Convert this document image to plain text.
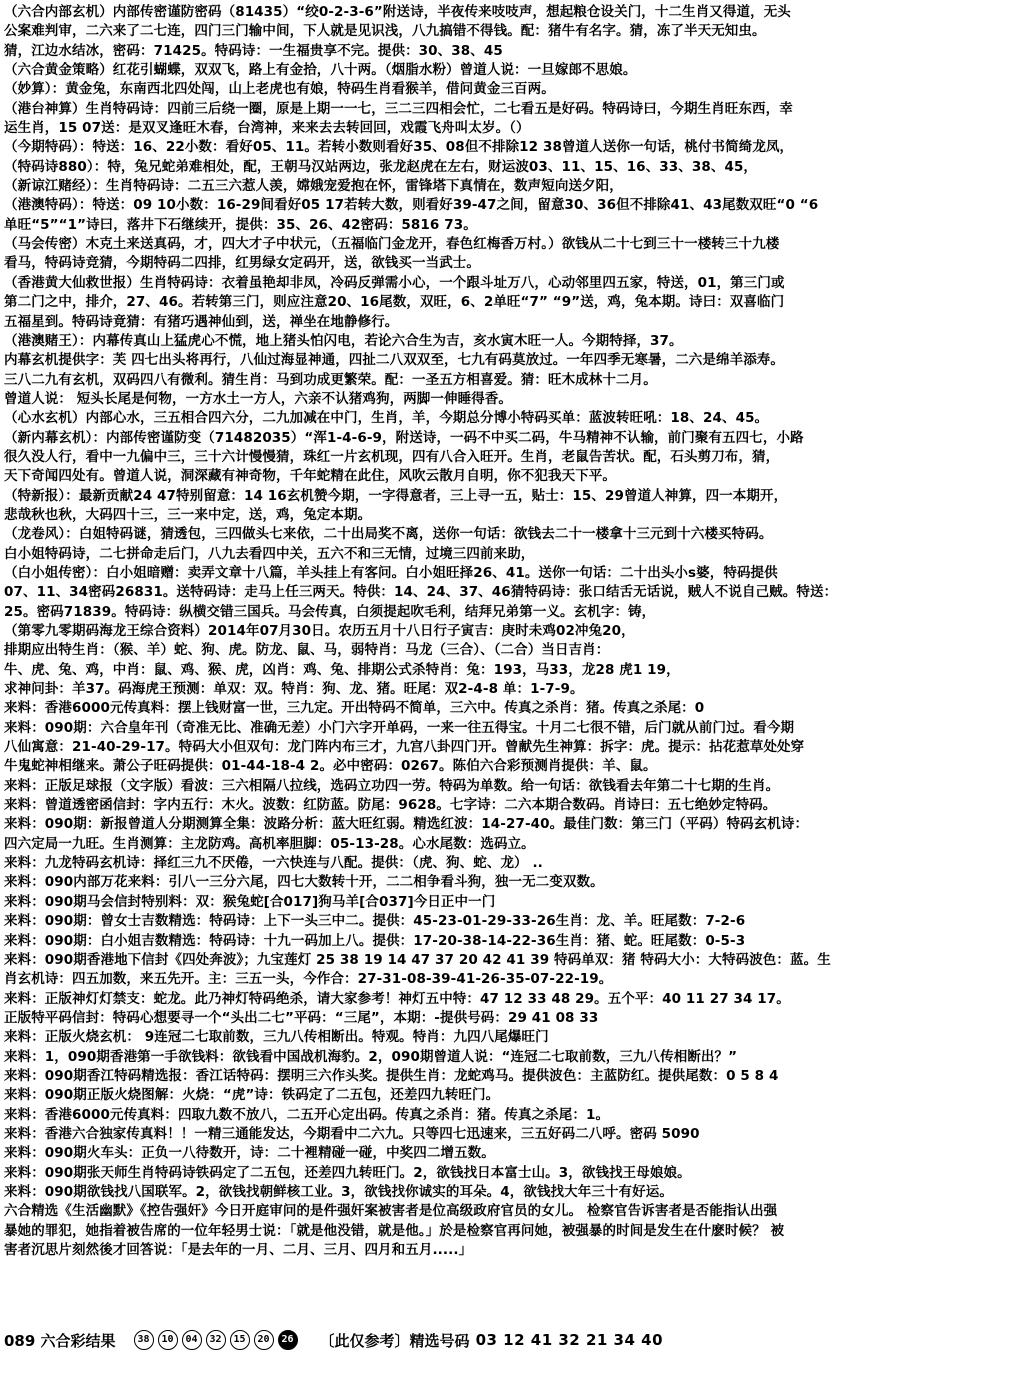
（六合内部玄机）内部传密谨防密码（81435）“绞0-2-3-6”附送诗，半夜传来吱吱声，想起粮仓设关门，十二生肖又得道，无头
公案难判审，二六来了二七连，四门三门输中间，下人就是见识浅，八九搞错不得钱。配：猪牛有名字。猜，冻了半天无知虫。
猜，江边水结冰，密码：71425。特码诗：一生福贵享不完。提供：30、38、45
（六合黄金策略）红花引蝴蝶，双双飞，路上有金拾，八十两。（烟脂水粉）曾道人说：一旦嫁郎不思娘。
（妙算）：黄金兔，东南西北四处闯，山上老虎也有娘，特码生肖看猴羊，借问黄金三百两。
（港台神算）生肖特码诗：四前三后绕一圈，原是上期一一七，三二三四相会忙，二七看五是好码。特码诗曰，今期生肖旺东西，幸
运生肖，15 07送：是双叉逢旺木春，台湾神，来来去去转回回，戏霞飞舟叫太岁。（）
（今期特码）：特送：16、22小数：看好05、11。若转小数则看好35、08但不排除12 38曾道人送你一句话，桃付书简绮龙凤，
（特码诗880）：特，兔兄蛇弟难相处，配，王朝马汉站两边，张龙赵虎在左右，财运波03、11、15、16、33、38、45，
（新谅江赌经）：生肖特码诗：二五三六惹人羡，嫦娥宠爱抱在怀，雷锋塔下真情在，数声短向送夕阳，
（港澳特码）：特送：09 10小数：16-29间看好05 17若转大数，则看好39-47之间，留意30、36但不排除41、43尾数双旺“0 “6
单旺“5”“1”诗曰，落井下石继续开，提供：35、26、42密码：5816 73。
（马会传密）木克土来送真码，才，四大才子中状元，（五福临门金龙开，春色红梅香万村。）欲钱从二十七到三十一楼转三十九楼
看马，特码诗竞猜，今期特码二四排，红男绿女定码开，送，欲钱买一当武士。
（香港黄大仙救世报）生肖特码诗：衣着虽艳却非凤，冷码反弹需小心，一个跟斗址万八，心动邻里四五家，特送，01，第三门或
第二门之中，排介，27、46。若转第三门，则应注意20、16尾数，双旺，6、2单旺“7” “9”送，鸡，兔本期。诗曰：双喜临门
五福星到。特码诗竟猜：有猪巧遇神仙到，送，禅坐在地静修行。
（港澳赌王）：内幕传真山上猛虎心不慌，地上猪头怕闪电，若论六合生为吉，亥水寅木旺一人。今期特择，37。
内幕玄机提供字：芙 四七出头将再行，八仙过海显神通，四扯二八双双至，七九有码莫放过。一年四季无寒暑，二六是绵羊添寿。
三八二九有玄机，双码四八有微利。猜生肖：马到功成更繁荣。配：一圣五方相喜爱。猜：旺木成林十二月。
曾道人说： 短头长尾是何物，一方水土一方人，六亲不认猪鸡狗，两脚一伸睡得香。
（心水玄机）内部心水，三五相合四六分，二九加减在中门，生肖，羊，今期总分博小特码买单：蓝波转旺吼：18、24、45。
（新内幕玄机）：内部传密谨防变（71482035）“浑1-4-6-9，附送诗，一码不中买二码，牛马精神不认输，前门聚有五四七，小路
很久没人行，看中一九偏中三，三十六计慢慢猜，珠红一片玄机现，四有八合入旺开。生肖，老鼠告苦状。配，石头剪刀布，猜，
天下奇闻四处有。曾道人说，洞深藏有神奇物，千年蛇精在此住，风吹云散月自明，你不犯我天下平。
（特新报）：最新贡献24 47特别留意：14 16玄机赞今期，一字得意者，三上寻一五，贴士：15、29曾道人神算，四一本期开，
悲哉秋也秋，大码四十三，三一来中定，送，鸡，兔定本期。
（龙卷风）：白姐特码谜，猜透包，三四做头七来依，二十出局奖不离，送你一句话：欲钱去二十一楼拿十三元到十六楼买特码。
白小姐特码诗，二七拼命走后门，八九去看四中关，五六不和三无情，过境三四前来助，
（白小姐传密）：白小姐暗赠：卖弄文章十八篇，羊头挂上有客问。白小姐旺择26、41。送你一句话：二十出头小s婆，特码提供
07、11、34密码26831。送特码诗：走马上任三两天。特供：14、24、37、46猜特码诗：张口结舌无话说，贼人不说自己贼。特送：
25。密码71839。特码诗：纵横交错三国兵。马会传真，白须提起吹毛利，结拜兄弟第一义。玄机字：铸，
（第零九零期码海龙王综合资料）2014年07月30日。农历五月十八日行子寅吉：庚时未鸡02冲兔20，
排期应出特生肖：（猴、羊）蛇、狗、虎。防龙、鼠、马，弱特肖：马龙（三合）、（二合）当日吉肖：
牛、虎、兔、鸡，中肖：鼠、鸡、猴、虎，凶肖：鸡、兔、排期公式杀特肖：兔：193，马33，龙28 虎1 19，
求神问卦：羊37。码海虎王预测：单双：双。特肖：狗、龙、猪。旺尾：双2-4-8 单：1-7-9。
来料：香港6000元传真料：摆上钱财富一世，三九定。开出特码不简单，三六中。传真之杀肖：猪。传真之杀尾：0
来料：090期：六合皇年刊（奇准无比、准确无差）小门六字开单码，一来一往五得宝。十月二七很不错，后门就从前门过。看今期
八仙寓意：21-40-29-17。特码大小但双句：龙门阵内布三才，九宫八卦四门开。曾献先生神算：拆字：虎。提示：拈花惹草处处穿
牛鬼蛇神相继来。萧公子旺码提供：01-44-18-4 2。必中密码：0267。陈伯六合彩预测肖提供：羊、鼠。
来料：正版足球报（文字版）看波：三六相隔八拉线，选码立功四一劳。特码为单数。给一句话：欲钱看去年第二十七期的生肖。
来料：曾道透密函信封：字内五行：木火。波数：红防蓝。防尾：9628。七字诗：二六本期合数码。肖诗曰：五七绝妙定特码。
来料：090期：新报曾道人分期测算全集：波路分析：蓝大旺红弱。精选红波：14-27-40。最佳门数：第三门（平码）特码玄机诗：
四六定局一九旺。生肖测算：主龙防鸡。高机率胆脚：05-13-28。心水尾数：选码立。
来料：九龙特码玄机诗：择红三九不厌倦，一六快连与八配。提供：（虎、狗、蛇、龙） ..
来料：090内部万花来料：引八一三分六尾，四七大数转十开，二二相争看斗狗，独一无二变双数。
来料：090期马会信封特别料：双：猴兔蛇[合017]狗马羊[合037]今日正中一门
来料：090期：曾女士吉数精选：特码诗：上下一头三中二。提供：45-23-01-29-33-26生肖：龙、羊。旺尾数：7-2-6
来料：090期：白小姐吉数精选：特码诗：十九一码加上八。提供：17-20-38-14-22-36生肖：猪、蛇。旺尾数：0-5-3
来料：090期香港地下信封《四处奔波》；九宝莲灯 25 38 19 14 47 37 20 42 41 39 特码单双：猪 特码大小：大特码波色：蓝。生
肖玄机诗：四五加数，来五先开。主：三五一头，今作合：27-31-08-39-41-26-35-07-22-19。
来料：正版神灯灯禁支：蛇龙。此乃神灯特码绝杀，请大家参考！神灯五中特：47 12 33 48 29。五个平：40 11 27 34 17。
正版特平码信封：特码心想要寻一个“头出二七”平码：“三尾”，本期：-提供号码：29 41 08 33
来料：正版火烧玄机： 9连冠二七取前数，三九八传相断出。特观。特肖：九四八尾爆旺门
来料：1，090期香港第一手欲钱料：欲钱看中国战机海豹。2，090期曾道人说：“连冠二七取前数，三九八传相断出？”
来料：090期香江特码精选报：香江话特码：摆明三六作头奖。提供生肖：龙蛇鸡马。提供波色：主蓝防红。提供尾数：0 5 8 4
来料：090期正版火烧图解：火烧：“虎”诗：铁码定了二五包，还差四九转旺门。
来料：香港6000元传真料：四取九数不放八，二五开心定出码。传真之杀肖：猪。传真之杀尾：1。
来料：香港六合独家传真料！！一精三通能发达，今期看中二六九。只等四七迅速来，三五好码二八呼。密码 5090
来料：090期火车头：正负一八待数开，诗：二十裡精碰一碰，中奖四二增五数。
来料：090期张天师生肖特码诗铁码定了二五包，还差四九转旺门。2，欲钱找日本富士山。3，欲钱找王母娘娘。
来料：090期欲钱找八国联军。2，欲钱找朝鲜核工业。3，欲钱找你诚实的耳朵。4，欲钱找大年三十有好运。
六合精选《生活幽默》《控告强奸》今日开庭审问的是件强奸案被害者是位高级政府官员的女儿。 检察官告诉害者是否能指认出强
暴她的罪犯，她指着被告席的一位年轻男士说：「就是他没错，就是他。」於是检察官再问她，被强暴的时间是发生在什麽时候？ 被
害者沉思片刻然後才回答说：「是去年的一月、二月、三月、四月和五月.....」
089 六合彩结果	38	10	04	32	15	20	26 〔此仅参考〕精选号码 03 12 41 32 21 34 40
